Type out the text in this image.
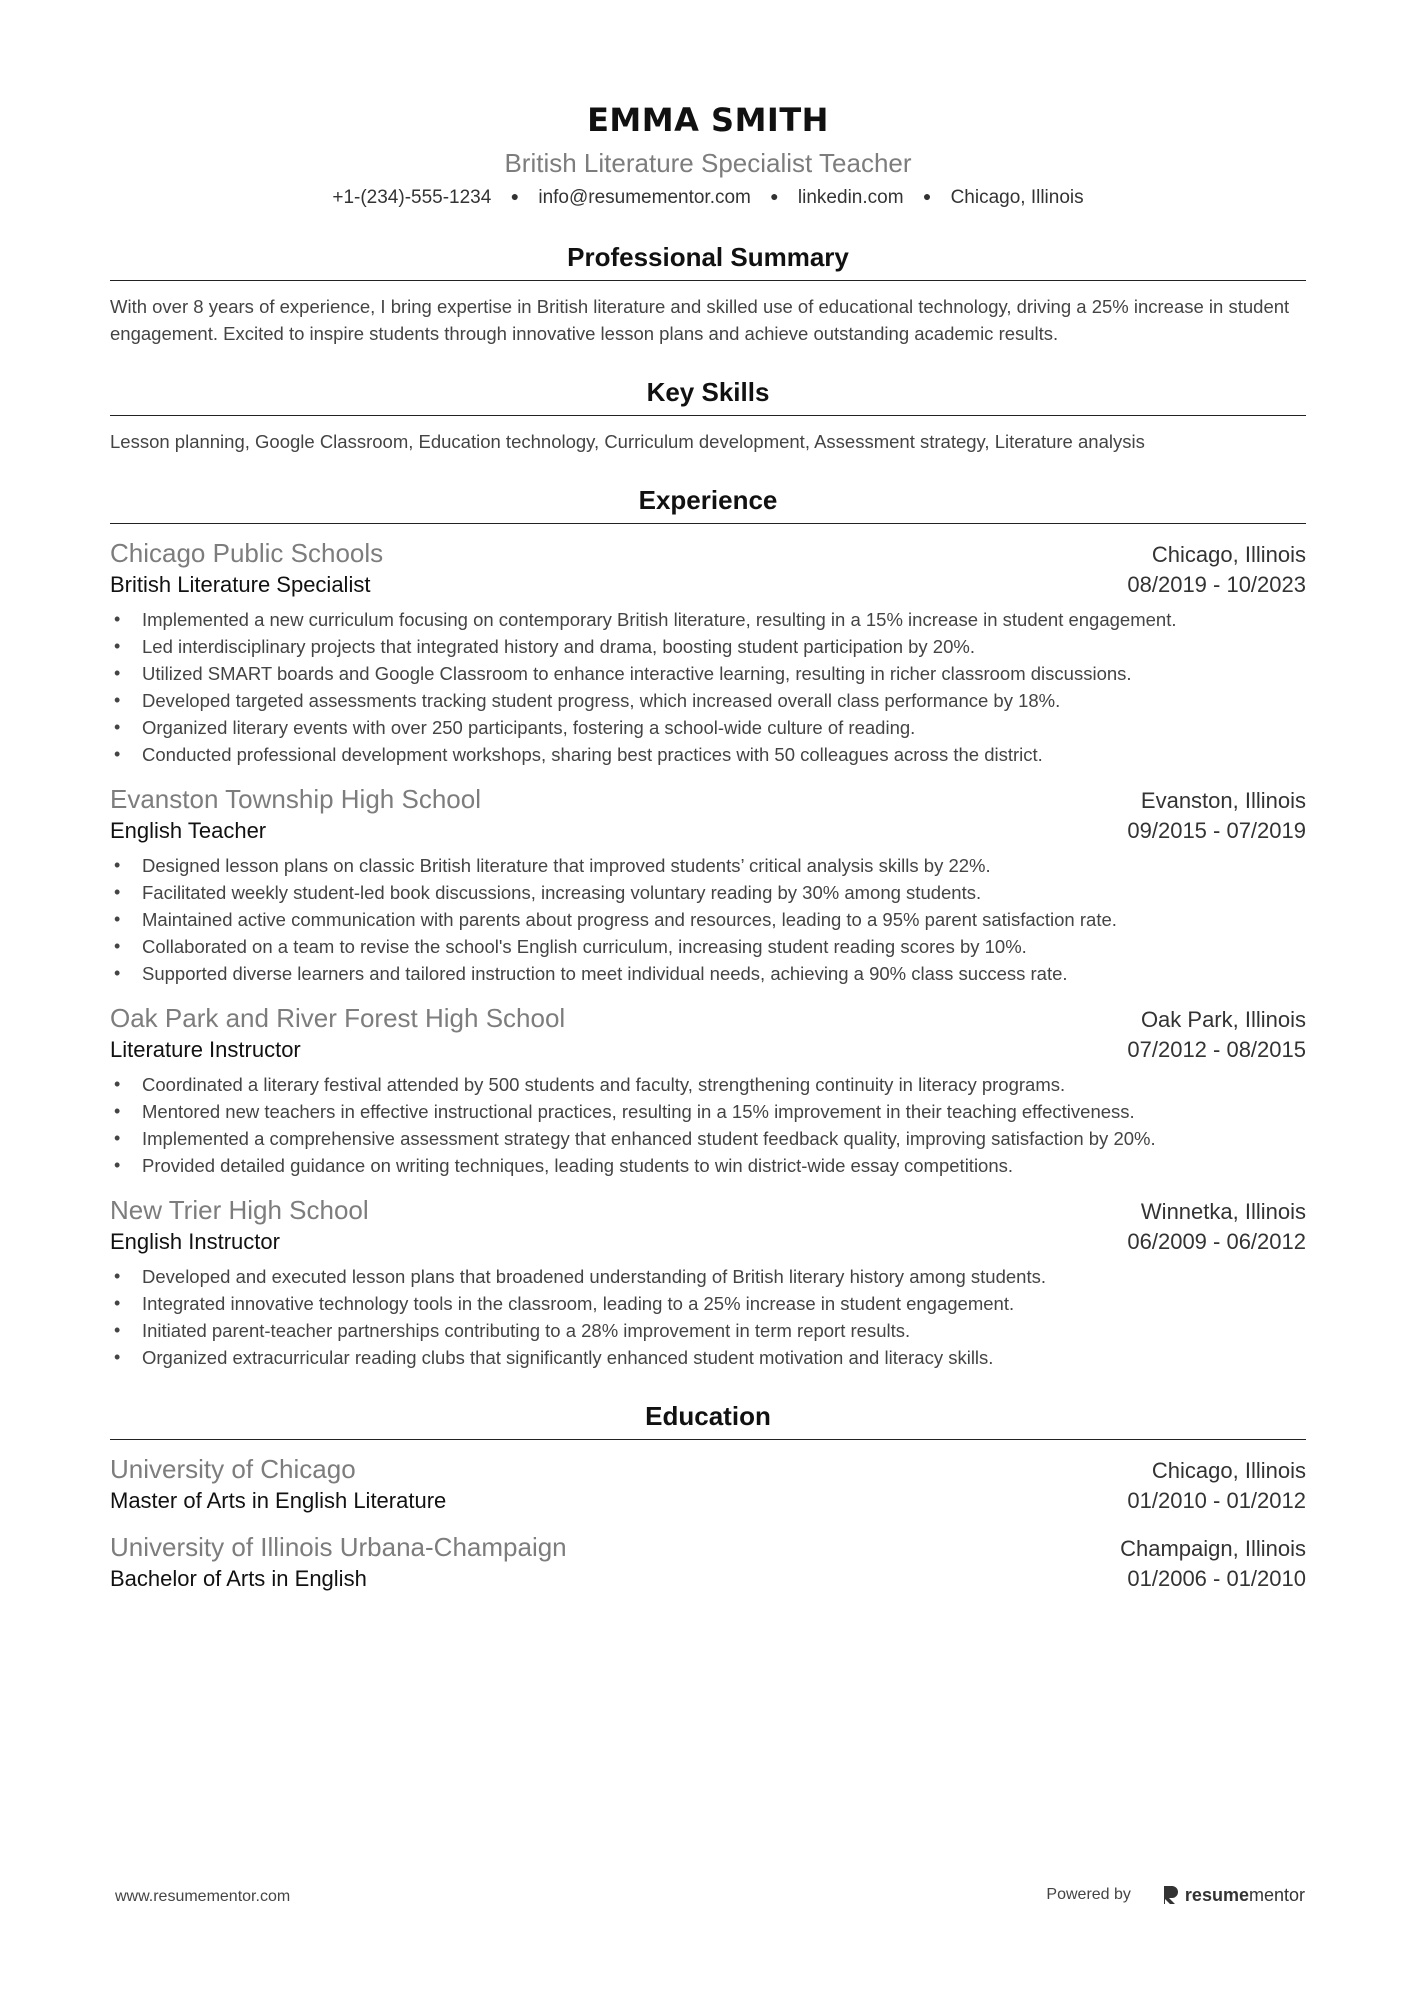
EMMA SMITH
British Literature Specialist Teacher
+1-(234)-555-1234 ● info@resumementor.com ● linkedin.com ● Chicago, Illinois
Professional Summary
With over 8 years of experience, I bring expertise in British literature and skilled use of educational technology, driving a 25% increase in student engagement. Excited to inspire students through innovative lesson plans and achieve outstanding academic results.
Key Skills
Lesson planning, Google Classroom, Education technology, Curriculum development, Assessment strategy, Literature analysis
Experience
Chicago Public Schools	Chicago, Illinois
British Literature Specialist	08/2019 - 10/2023
• Implemented a new curriculum focusing on contemporary British literature, resulting in a 15% increase in student engagement.
• Led interdisciplinary projects that integrated history and drama, boosting student participation by 20%.
• Utilized SMART boards and Google Classroom to enhance interactive learning, resulting in richer classroom discussions.
• Developed targeted assessments tracking student progress, which increased overall class performance by 18%.
• Organized literary events with over 250 participants, fostering a school-wide culture of reading.
• Conducted professional development workshops, sharing best practices with 50 colleagues across the district.
Evanston Township High School	Evanston, Illinois
English Teacher	09/2015 - 07/2019
• Designed lesson plans on classic British literature that improved students’ critical analysis skills by 22%.
• Facilitated weekly student-led book discussions, increasing voluntary reading by 30% among students.
• Maintained active communication with parents about progress and resources, leading to a 95% parent satisfaction rate.
• Collaborated on a team to revise the school's English curriculum, increasing student reading scores by 10%.
• Supported diverse learners and tailored instruction to meet individual needs, achieving a 90% class success rate.
Oak Park and River Forest High School	Oak Park, Illinois
Literature Instructor	07/2012 - 08/2015
• Coordinated a literary festival attended by 500 students and faculty, strengthening continuity in literacy programs.
• Mentored new teachers in effective instructional practices, resulting in a 15% improvement in their teaching effectiveness.
• Implemented a comprehensive assessment strategy that enhanced student feedback quality, improving satisfaction by 20%.
• Provided detailed guidance on writing techniques, leading students to win district-wide essay competitions.
New Trier High School	Winnetka, Illinois
English Instructor	06/2009 - 06/2012
• Developed and executed lesson plans that broadened understanding of British literary history among students.
• Integrated innovative technology tools in the classroom, leading to a 25% increase in student engagement.
• Initiated parent-teacher partnerships contributing to a 28% improvement in term report results.
• Organized extracurricular reading clubs that significantly enhanced student motivation and literacy skills.
Education
University of Chicago	Chicago, Illinois
Master of Arts in English Literature	01/2010 - 01/2012
University of Illinois Urbana-Champaign	Champaign, Illinois
Bachelor of Arts in English	01/2006 - 01/2010
www.resumementor.com	Powered by	resumementor
